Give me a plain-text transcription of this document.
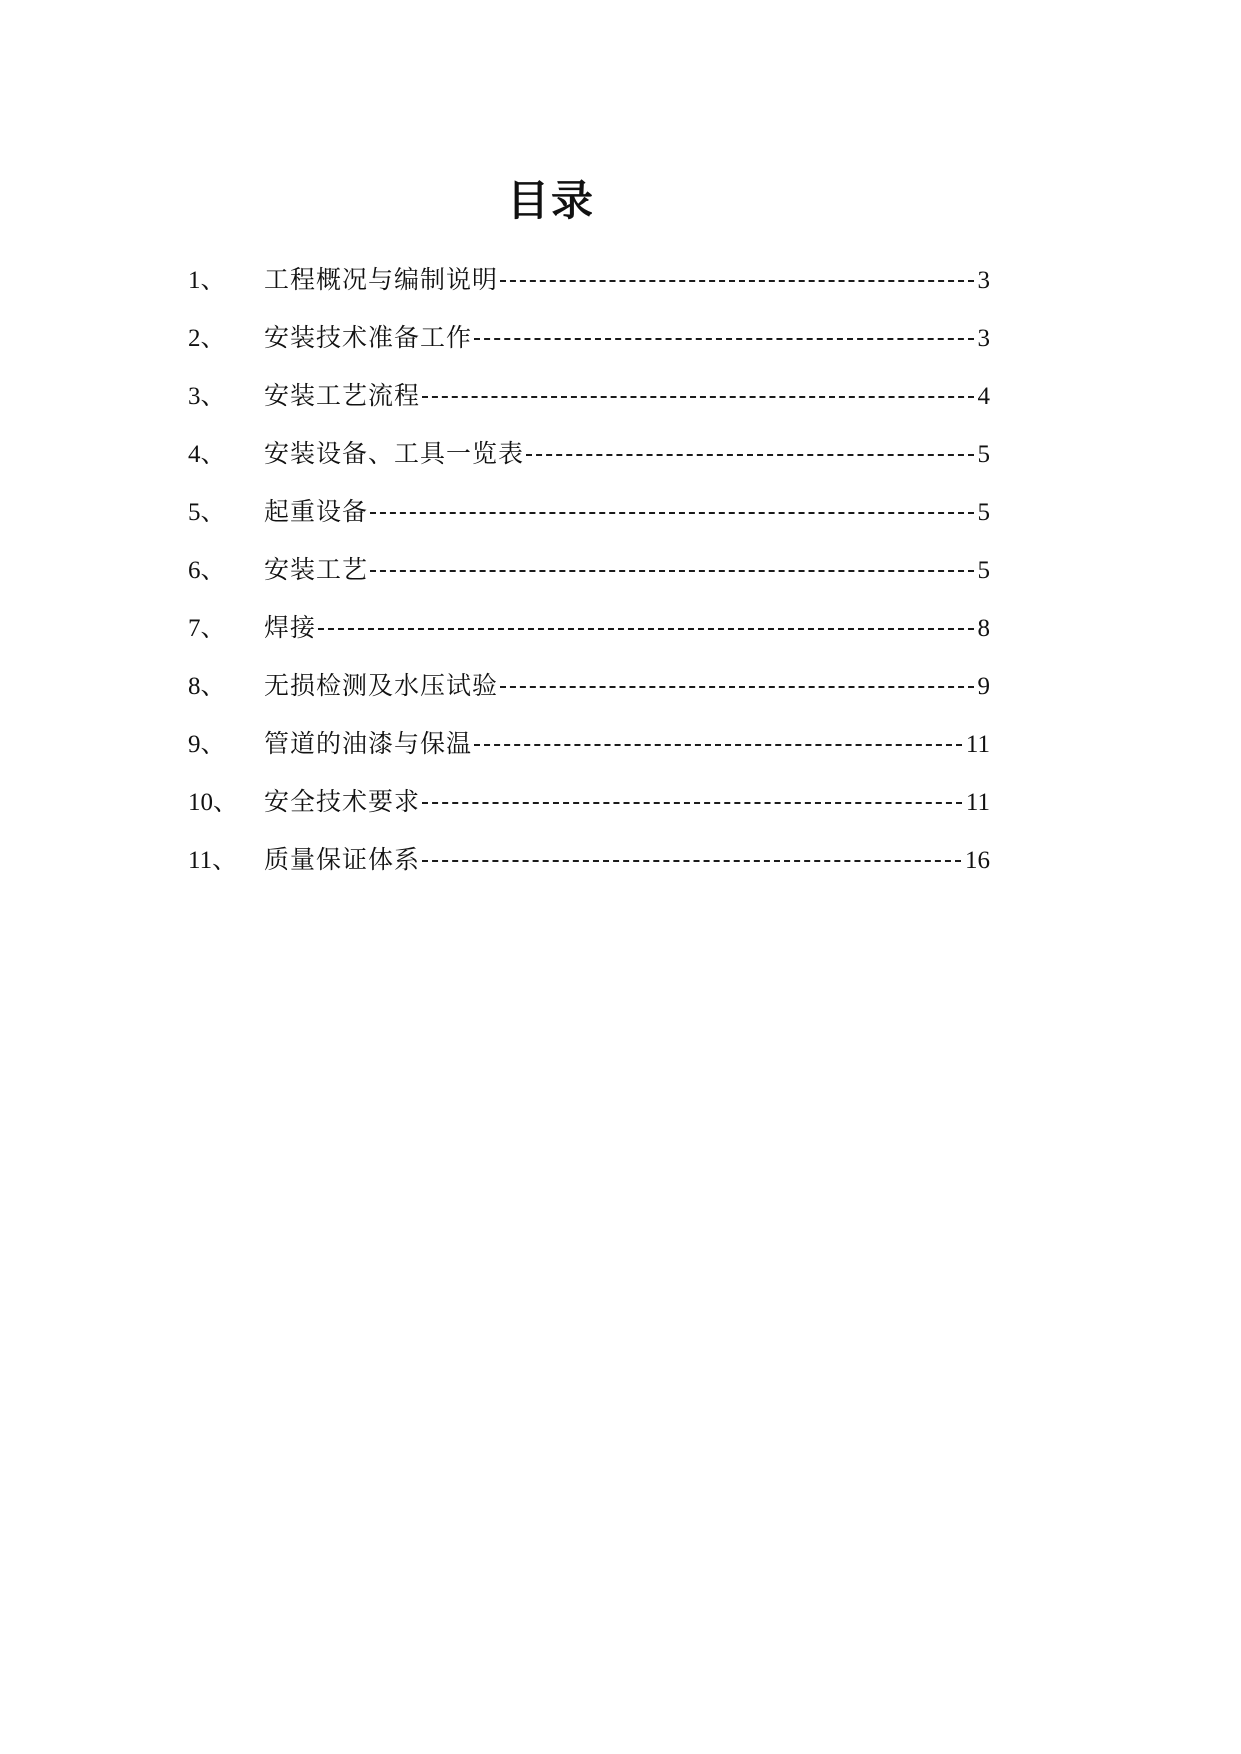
目录
1、	工程概况与编制说明	3
2、	安装技术准备工作	3
3、	安装工艺流程	4
4、	安装设备、工具一览表	5
5、	起重设备	5
6、	安装工艺	5
7、	焊接	8
8、	无损检测及水压试验	9
9、	管道的油漆与保温	11
10、	安全技术要求	11
11、	质量保证体系	16
